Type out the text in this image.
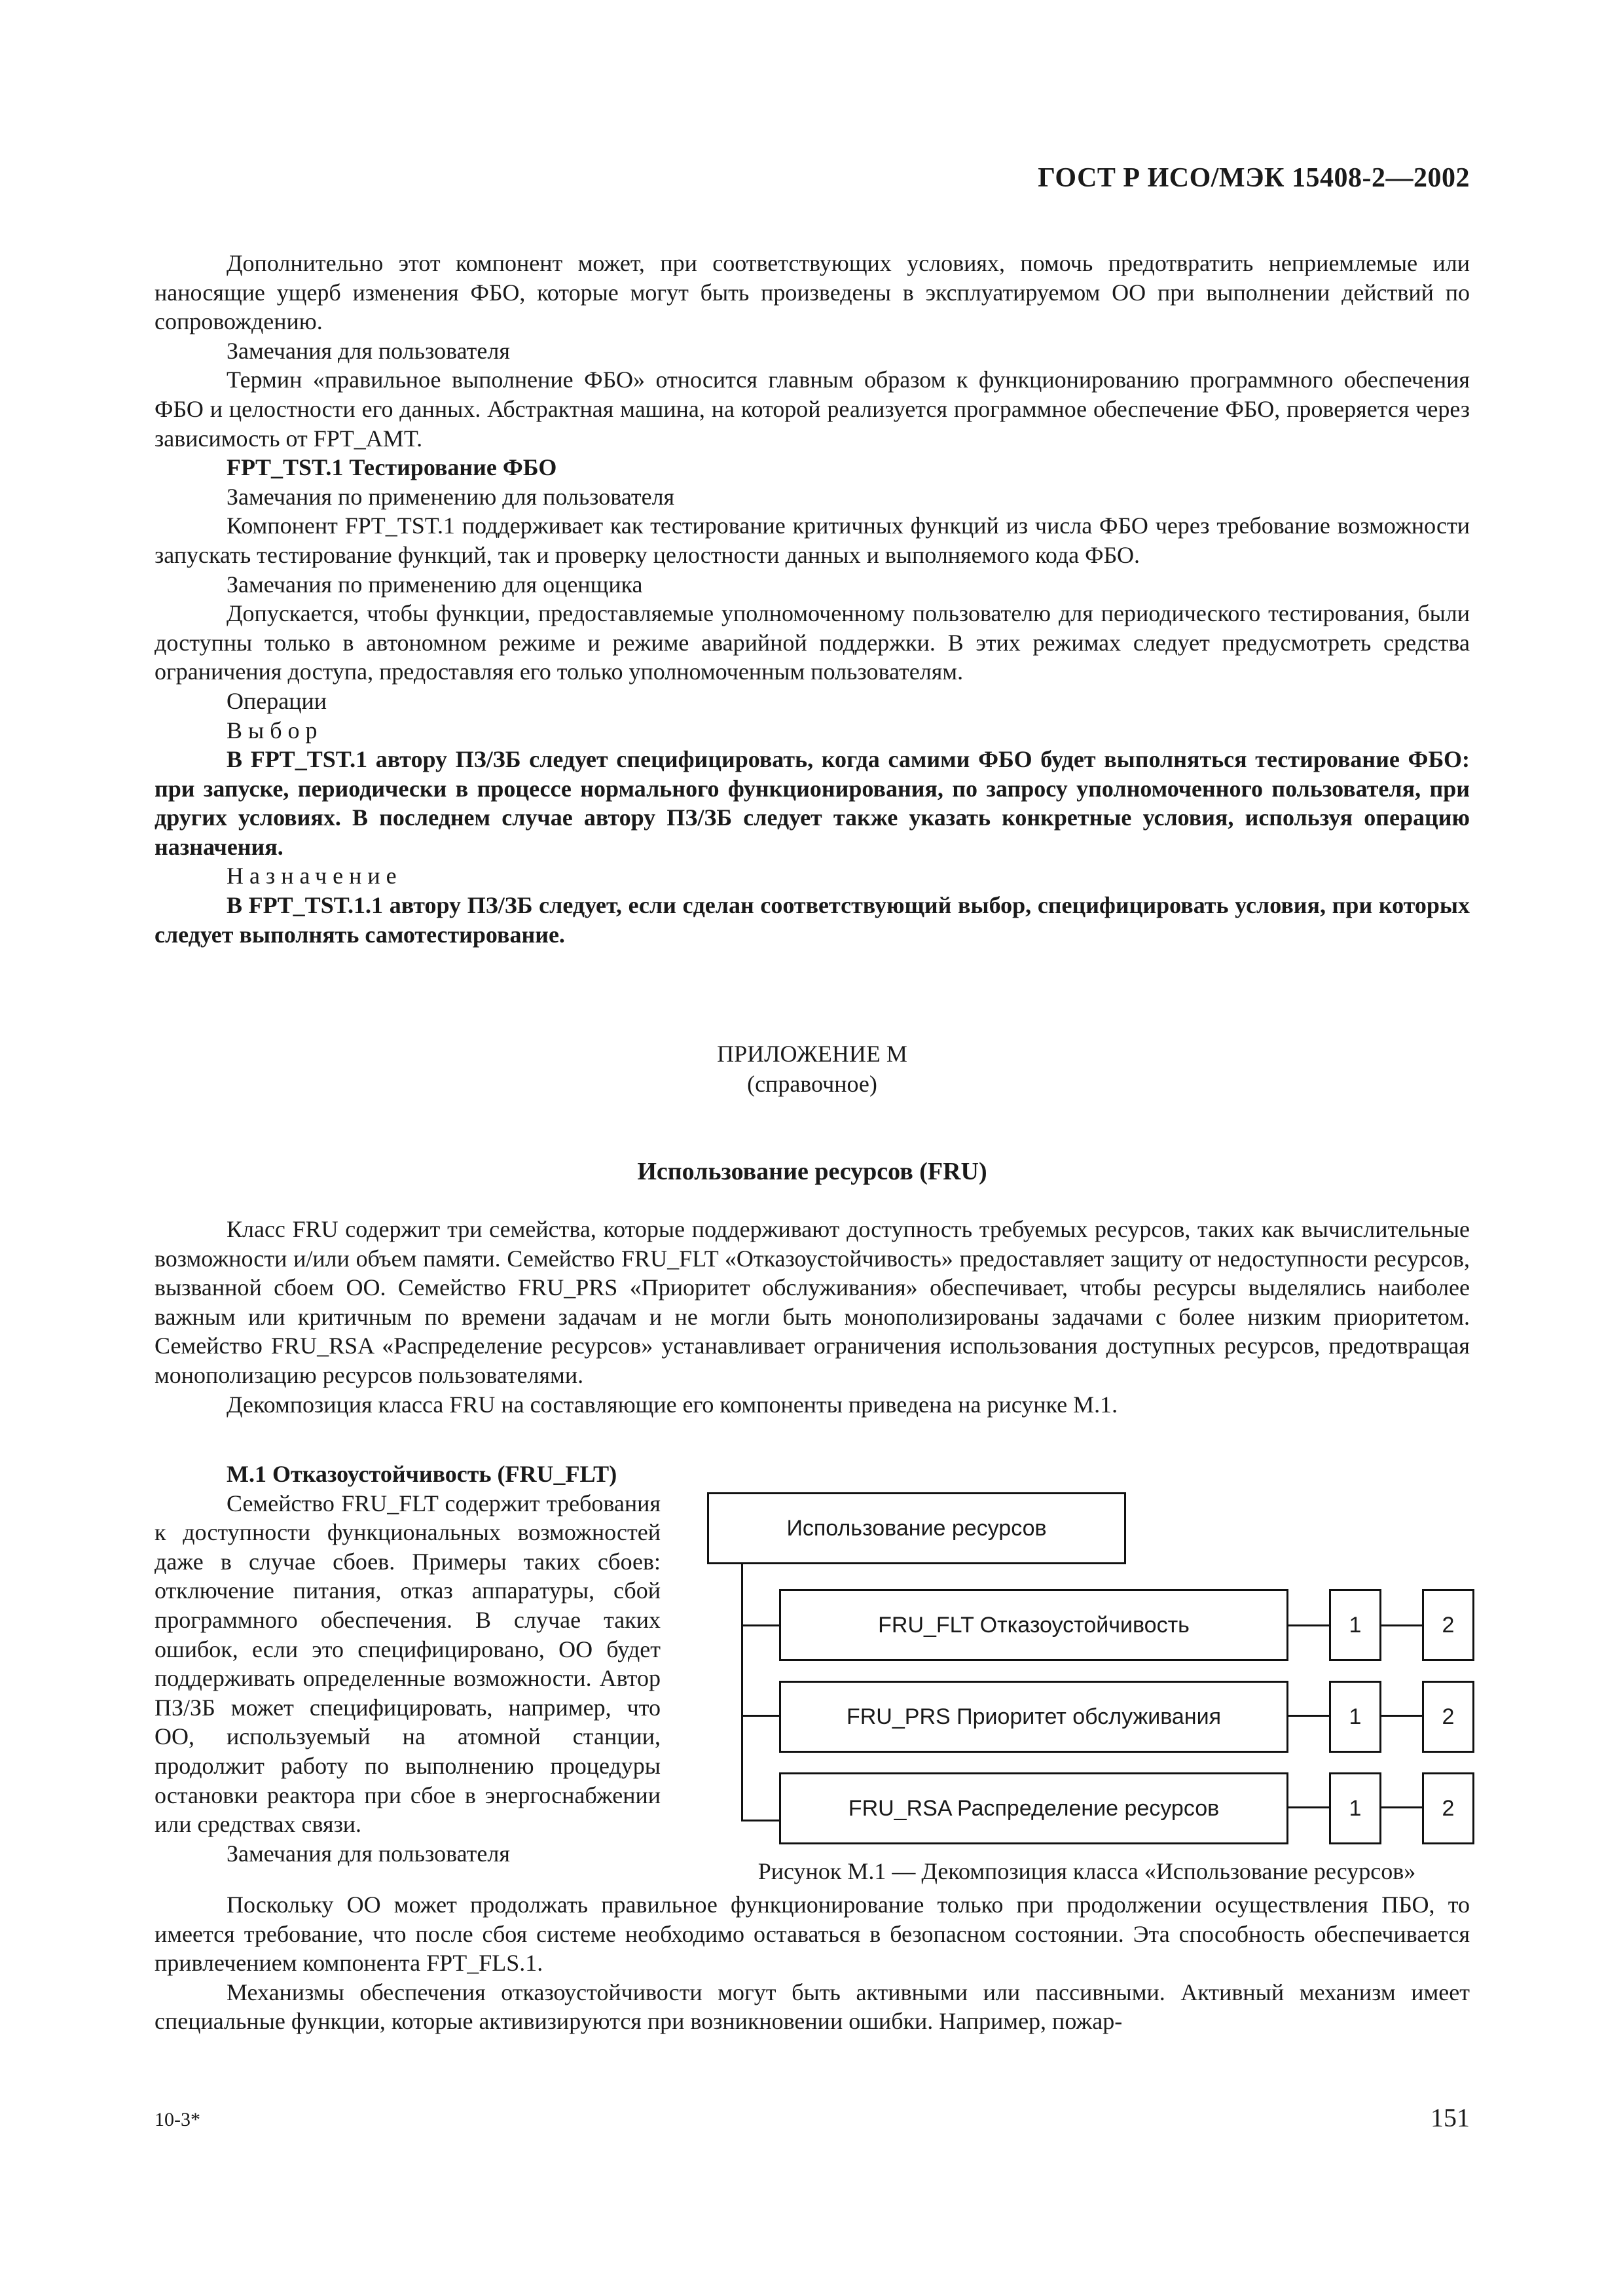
ГОСТ Р ИСО/МЭК 15408-2—2002

Дополнительно этот компонент может, при соответствующих условиях, помочь предотвратить неприемлемые или наносящие ущерб изменения ФБО, которые могут быть произведены в эксплуатируемом ОО при выполнении действий по сопровождению.

Замечания для пользователя

Термин «правильное выполнение ФБО» относится главным образом к функционированию программного обеспечения ФБО и целостности его данных. Абстрактная машина, на которой реализуется программное обеспечение ФБО, проверяется через зависимость от FPT_AMT.

FPT_TST.1 Тестирование ФБО

Замечания по применению для пользователя

Компонент FPT_TST.1 поддерживает как тестирование критичных функций из числа ФБО через требование возможности запускать тестирование функций, так и проверку целостности данных и выполняемого кода ФБО.

Замечания по применению для оценщика

Допускается, чтобы функции, предоставляемые уполномоченному пользователю для периодического тестирования, были доступны только в автономном режиме и режиме аварийной поддержки. В этих режимах следует предусмотреть средства ограничения доступа, предоставляя его только уполномоченным пользователям.

Операции

Выбор

В FPT_TST.1 автору ПЗ/ЗБ следует специфицировать, когда самими ФБО будет выполняться тестирование ФБО: при запуске, периодически в процессе нормального функционирования, по запросу уполномоченного пользователя, при других условиях. В последнем случае автору ПЗ/ЗБ следует также указать конкретные условия, используя операцию назначения.

Назначение

В FPT_TST.1.1 автору ПЗ/ЗБ следует, если сделан соответствующий выбор, специфицировать условия, при которых следует выполнять самотестирование.

ПРИЛОЖЕНИЕ М
(справочное)
Использование ресурсов (FRU)

Класс FRU содержит три семейства, которые поддерживают доступность требуемых ресурсов, таких как вычислительные возможности и/или объем памяти. Семейство FRU_FLT «Отказоустойчивость» предоставляет защиту от недоступности ресурсов, вызванной сбоем ОО. Семейство FRU_PRS «Приоритет обслуживания» обеспечивает, чтобы ресурсы выделялись наиболее важным или критичным по времени задачам и не могли быть монополизированы задачами с более низким приоритетом. Семейство FRU_RSA «Распределение ресурсов» устанавливает ограничения использования доступных ресурсов, предотвращая монополизацию ресурсов пользователями.

Декомпозиция класса FRU на составляющие его компоненты приведена на рисунке М.1.

М.1 Отказоустойчивость (FRU_FLT)

Семейство FRU_FLT содержит требования к доступности функциональных возможностей даже в случае сбоев. Примеры таких сбоев: отключение питания, отказ аппаратуры, сбой программного обеспечения. В случае таких ошибок, если это специфицировано, ОО будет поддерживать определенные возможности. Автор ПЗ/ЗБ может специфицировать, например, что ОО, используемый на атомной станции, продолжит работу по выполнению процедуры остановки реактора при сбое в энергоснабжении или средствах связи.

Замечания для пользователя

Использование ресурсов
FRU_FLT Отказоустойчивость	1	2
FRU_PRS Приоритет обслуживания	1	2
FRU_RSA Распределение ресурсов	1	2
Рисунок М.1 — Декомпозиция класса «Использование ресурсов»

Поскольку ОО может продолжать правильное функционирование только при продолжении осуществления ПБО, то имеется требование, что после сбоя системе необходимо оставаться в безопасном состоянии. Эта способность обеспечивается привлечением компонента FPT_FLS.1.

Механизмы обеспечения отказоустойчивости могут быть активными или пассивными. Активный механизм имеет специальные функции, которые активизируются при возникновении ошибки. Например, пожар-

10-3*	151
